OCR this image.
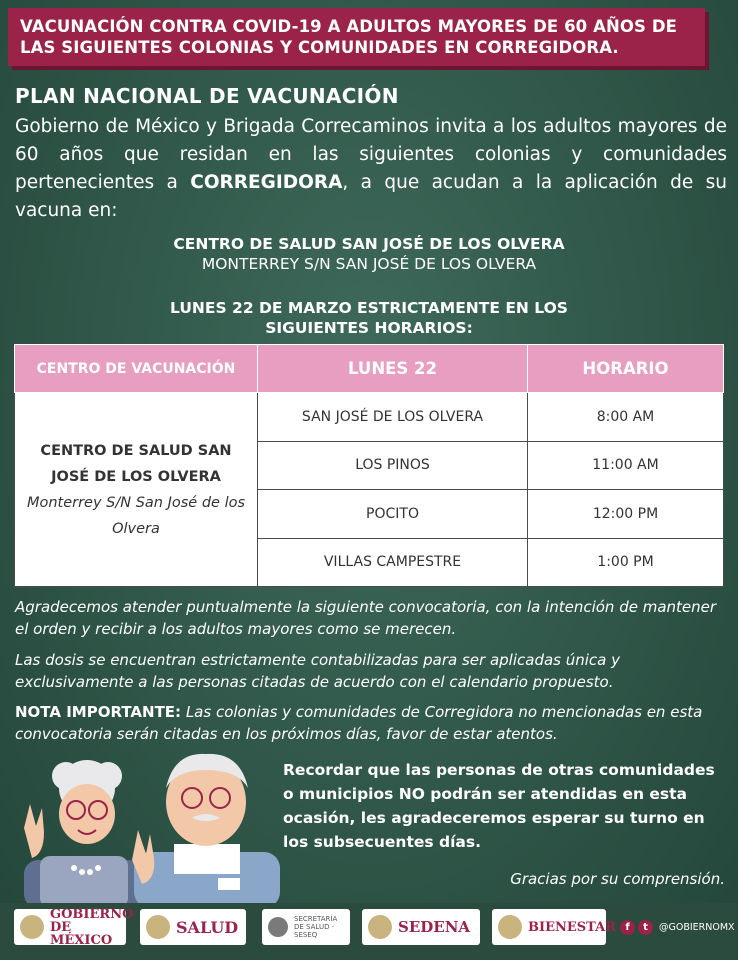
VACUNACIÓN CONTRA COVID-19 A ADULTOS MAYORES DE 60 AÑOS DE
LAS SIGUIENTES COLONIAS Y COMUNIDADES EN CORREGIDORA.
PLAN NACIONAL DE VACUNACIÓN
Gobierno de México y Brigada Correcaminos invita a los adultos mayores de 60 años que residan en las siguientes colonias y comunidades pertenecientes a CORREGIDORA, a que acudan a la aplicación de su vacuna en:
CENTRO DE SALUD SAN JOSÉ DE LOS OLVERA
MONTERREY S/N SAN JOSÉ DE LOS OLVERA
LUNES 22 DE MARZO ESTRICTAMENTE EN LOS
SIGUIENTES HORARIOS:
CENTRO DE VACUNACIÓN	LUNES 22	HORARIO

CENTRO DE SALUD SAN
JOSÉ DE LOS OLVERA
Monterrey S/N San José de los
Olvera	SAN JOSÉ DE LOS OLVERA	8:00 AM
	LOS PINOS	11:00 AM
	POCITO	12:00 PM
	VILLAS CAMPESTRE	1:00 PM
Agradecemos atender puntualmente la siguiente convocatoria, con la intención de mantener el orden y recibir a los adultos mayores como se merecen.
Las dosis se encuentran estrictamente contabilizadas para ser aplicadas única y exclusivamente a las personas citadas de acuerdo con el calendario propuesto.
NOTA IMPORTANTE: Las colonias y comunidades de Corregidora no mencionadas en esta convocatoria serán citadas en los próximos días, favor de estar atentos.
Recordar que las personas de otras comunidades o municipios NO podrán ser atendidas en esta ocasión, les agradeceremos esperar su turno en los subsecuentes días.
Gracias por su comprensión.
GOBIERNO DE
MÉXICO
SALUD	SECRETARÍA
DE SALUD · SESEQ	SEDENA	BIENESTAR f	t	@GOBIERNOMX
